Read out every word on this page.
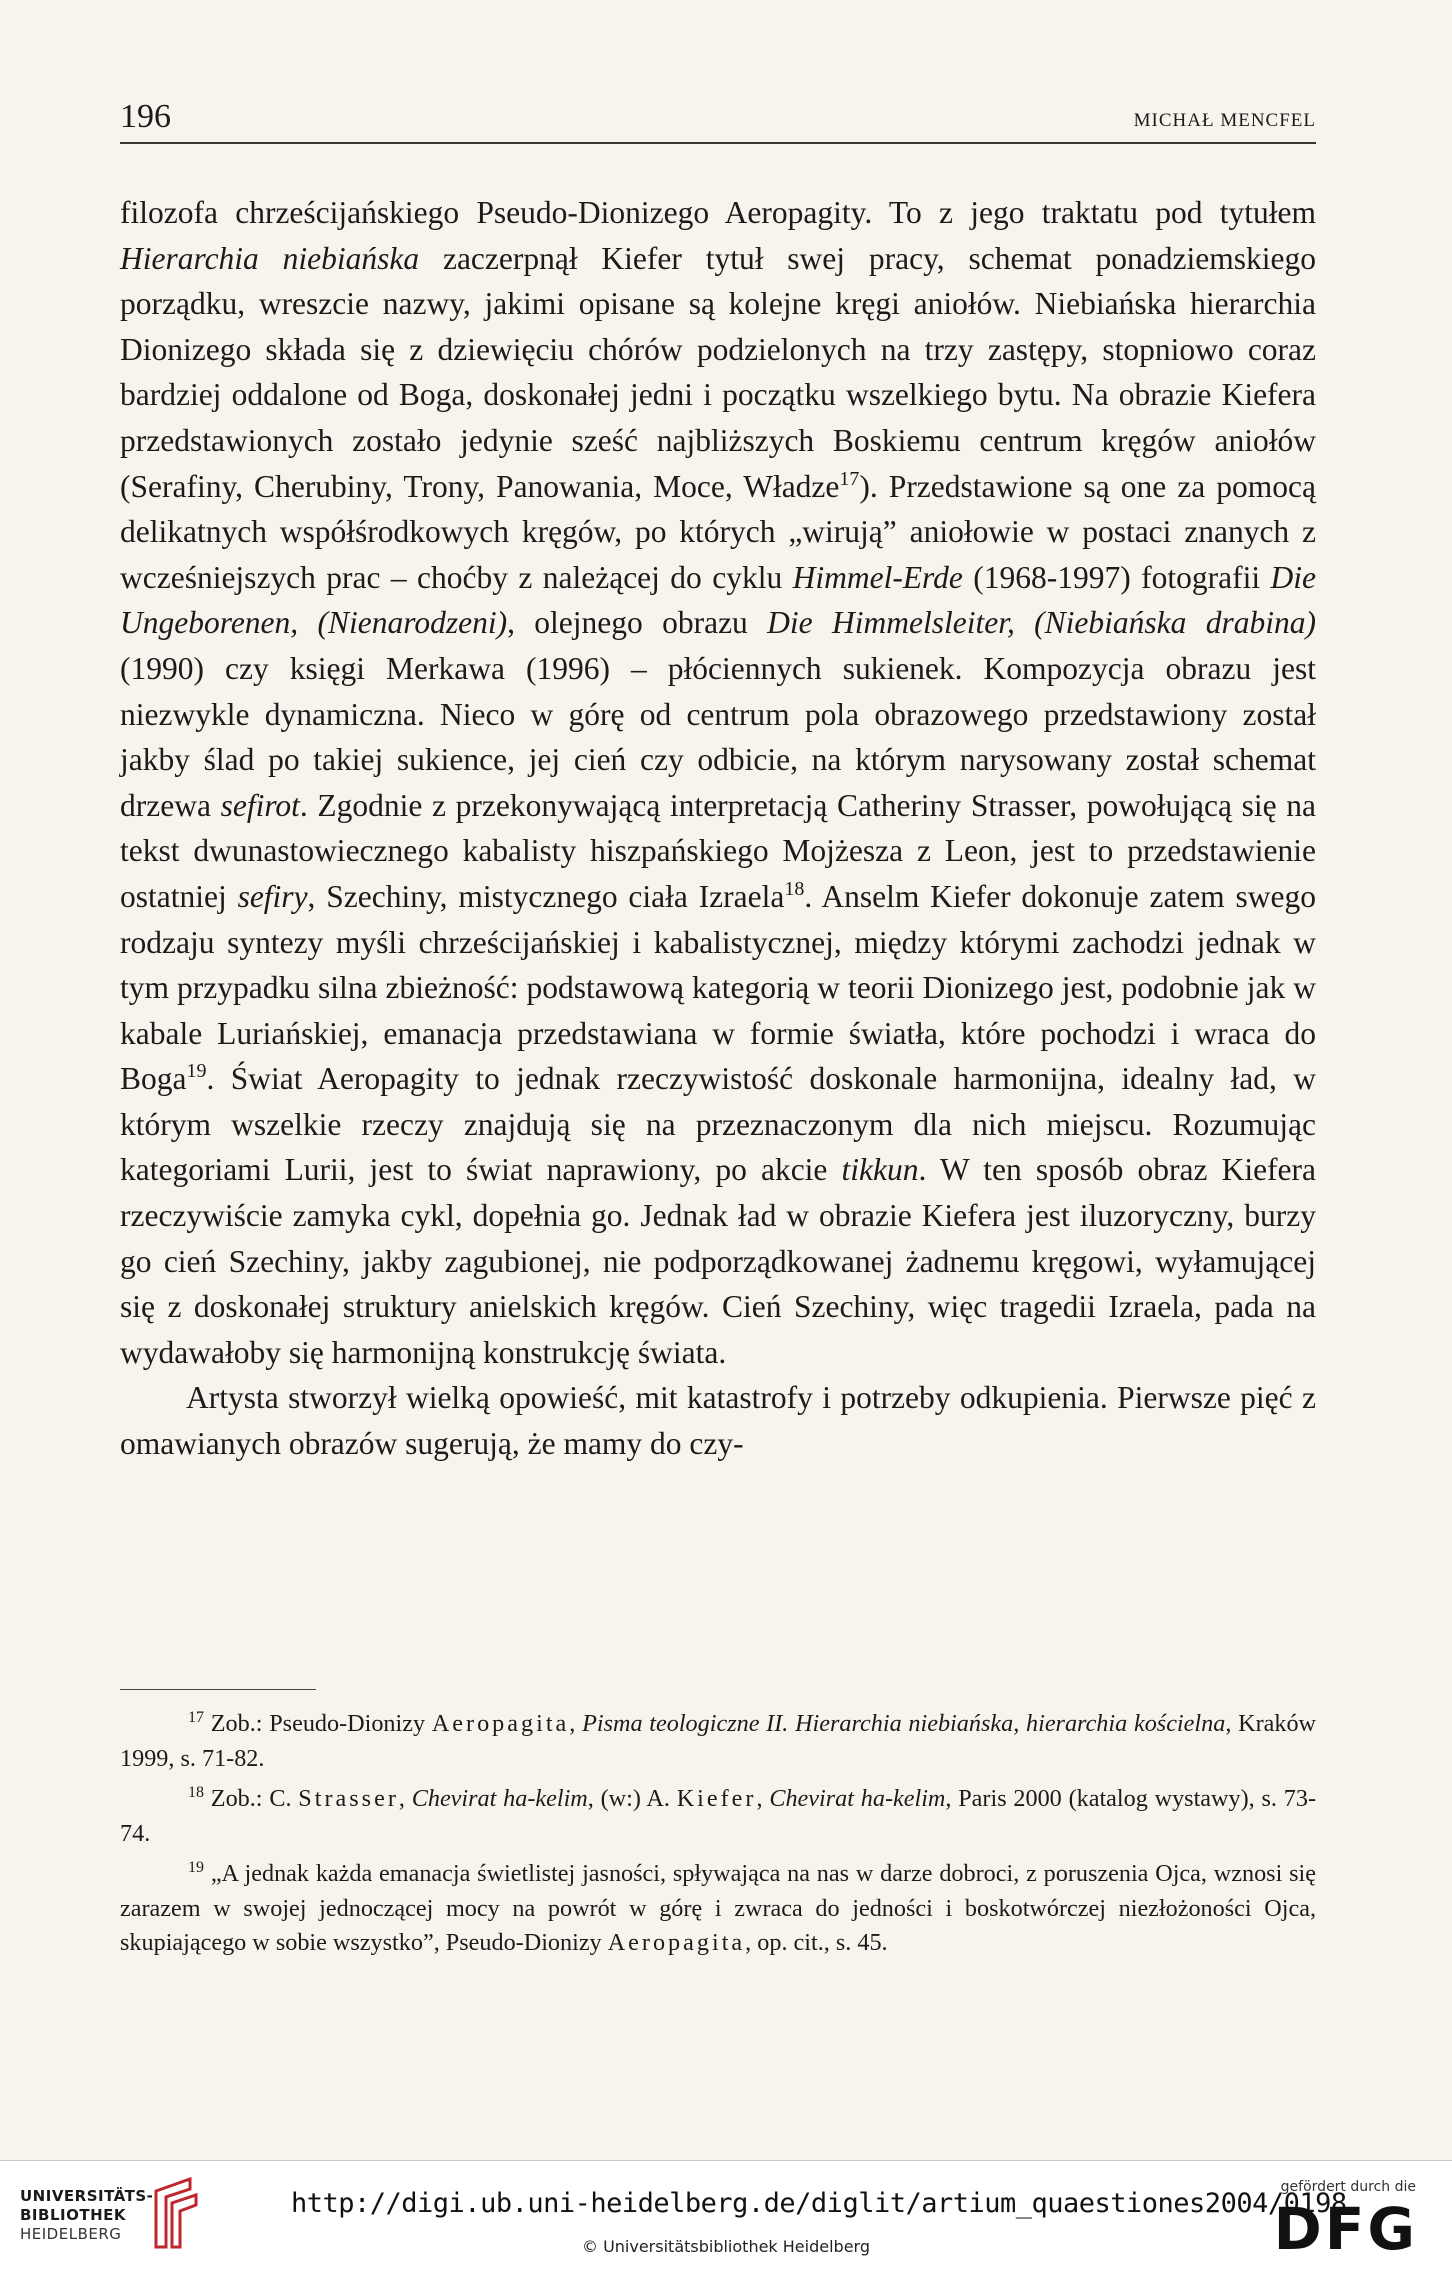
196	MICHAŁ MENCFEL

filozofa chrześcijańskiego Pseudo-Dionizego Aeropagity. To z jego traktatu pod tytułem Hierarchia niebiańska zaczerpnął Kiefer tytuł swej pracy, schemat ponadziemskiego porządku, wreszcie nazwy, jakimi opisane są kolejne kręgi aniołów. Niebiańska hierarchia Dionizego składa się z dziewięciu chórów podzielonych na trzy zastępy, stopniowo coraz bardziej oddalone od Boga, doskonałej jedni i początku wszelkiego bytu. Na obrazie Kiefera przedstawionych zostało jedynie sześć najbliższych Boskiemu centrum kręgów aniołów (Serafiny, Cherubiny, Trony, Panowania, Moce, Władze$^{17}$). Przedstawione są one za pomocą delikatnych współśrodkowych kręgów, po których „wirują” aniołowie w postaci znanych z wcześniejszych prac – choćby z należącej do cyklu Himmel-Erde (1968-1997) fotografii Die Ungeborenen, (Nienarodzeni), olejnego obrazu Die Himmelsleiter, (Niebiańska drabina) (1990) czy księgi Merkawa (1996) – płóciennych sukienek. Kompozycja obrazu jest niezwykle dynamiczna. Nieco w górę od centrum pola obrazowego przedstawiony został jakby ślad po takiej sukience, jej cień czy odbicie, na którym narysowany został schemat drzewa sefirot. Zgodnie z przekonywającą interpretacją Catheriny Strasser, powołującą się na tekst dwunastowiecznego kabalisty hiszpańskiego Mojżesza z Leon, jest to przedstawienie ostatniej sefiry, Szechiny, mistycznego ciała Izraela$^{18}$. Anselm Kiefer dokonuje zatem swego rodzaju syntezy myśli chrześcijańskiej i kabalistycznej, między którymi zachodzi jednak w tym przypadku silna zbieżność: podstawową kategorią w teorii Dionizego jest, podobnie jak w kabale Luriańskiej, emanacja przedstawiana w formie światła, które pochodzi i wraca do Boga$^{19}$. Świat Aeropagity to jednak rzeczywistość doskonale harmonijna, idealny ład, w którym wszelkie rzeczy znajdują się na przeznaczonym dla nich miejscu. Rozumując kategoriami Lurii, jest to świat naprawiony, po akcie tikkun. W ten sposób obraz Kiefera rzeczywiście zamyka cykl, dopełnia go. Jednak ład w obrazie Kiefera jest iluzoryczny, burzy go cień Szechiny, jakby zagubionej, nie podporządkowanej żadnemu kręgowi, wyłamującej się z doskonałej struktury anielskich kręgów. Cień Szechiny, więc tragedii Izraela, pada na wydawałoby się harmonijną konstrukcję świata.

Artysta stworzył wielką opowieść, mit katastrofy i potrzeby odkupienia. Pierwsze pięć z omawianych obrazów sugerują, że mamy do czy-

$^{17}$ Zob.: Pseudo-Dionizy Aeropagita, Pisma teologiczne II. Hierarchia niebiańska, hierarchia kościelna, Kraków 1999, s. 71-82.

$^{18}$ Zob.: C. Strasser, Chevirat ha-kelim, (w:) A. Kiefer, Chevirat ha-kelim, Paris 2000 (katalog wystawy), s. 73-74.

$^{19}$ „A jednak każda emanacja świetlistej jasności, spływająca na nas w darze dobroci, z poruszenia Ojca, wznosi się zarazem w swojej jednoczącej mocy na powrót w górę i zwraca do jedności i boskotwórczej niezłożoności Ojca, skupiającego w sobie wszystko”, Pseudo-Dionizy Aeropagita, op. cit., s. 45.

UNIVERSITÄTS-
BIBLIOTHEK
HEIDELBERG
http://digi.ub.uni-heidelberg.de/diglit/artium_quaestiones2004/0198
© Universitätsbibliothek Heidelberg
gefördert durch die
DFG
